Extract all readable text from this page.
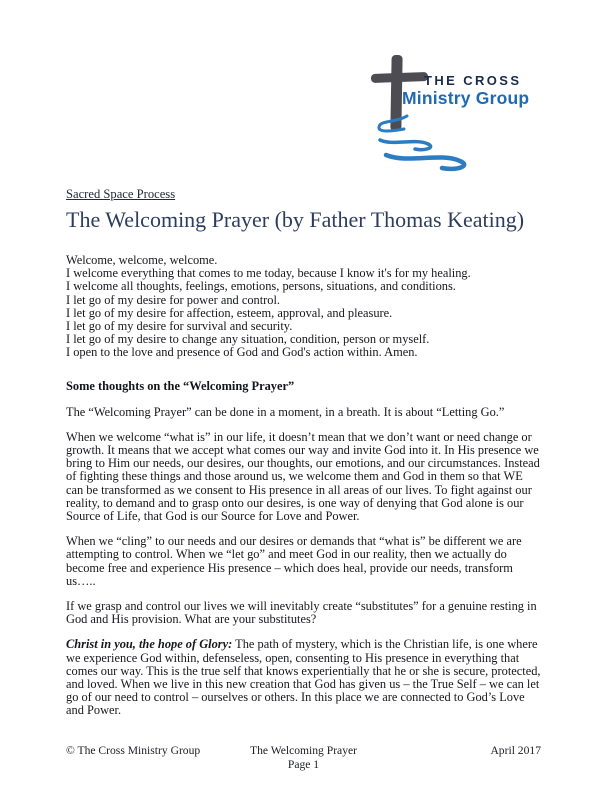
THE CROSS
Ministry Group
Sacred Space Process
The Welcoming Prayer (by Father Thomas Keating)
Welcome, welcome, welcome.
I welcome everything that comes to me today, because I know it's for my healing.
I welcome all thoughts, feelings, emotions, persons, situations, and conditions.
I let go of my desire for power and control.
I let go of my desire for affection, esteem, approval, and pleasure.
I let go of my desire for survival and security.
I let go of my desire to change any situation, condition, person or myself.
I open to the love and presence of God and God's action within. Amen.
Some thoughts on the “Welcoming Prayer”

The “Welcoming Prayer” can be done in a moment, in a breath. It is about “Letting Go.”

When we welcome “what is” in our life, it doesn’t mean that we don’t want or need change or growth. It means that we accept what comes our way and invite God into it. In His presence we bring to Him our needs, our desires, our thoughts, our emotions, and our circumstances. Instead of fighting these things and those around us, we welcome them and God in them so that WE can be transformed as we consent to His presence in all areas of our lives. To fight against our reality, to demand and to grasp onto our desires, is one way of denying that God alone is our Source of Life, that God is our Source for Love and Power.

When we “cling” to our needs and our desires or demands that “what is” be different we are attempting to control. When we “let go” and meet God in our reality, then we actually do become free and experience His presence – which does heal, provide our needs, transform us…..

If we grasp and control our lives we will inevitably create “substitutes” for a genuine resting in God and His provision. What are your substitutes?

Christ in you, the hope of Glory: The path of mystery, which is the Christian life, is one where we experience God within, defenseless, open, consenting to His presence in everything that comes our way. This is the true self that knows experientially that he or she is secure, protected, and loved. When we live in this new creation that God has given us – the True Self – we can let go of our need to control – ourselves or others. In this place we are connected to God’s Love and Power.

© The Cross Ministry Group	The Welcoming Prayer
Page 1
April 2017
